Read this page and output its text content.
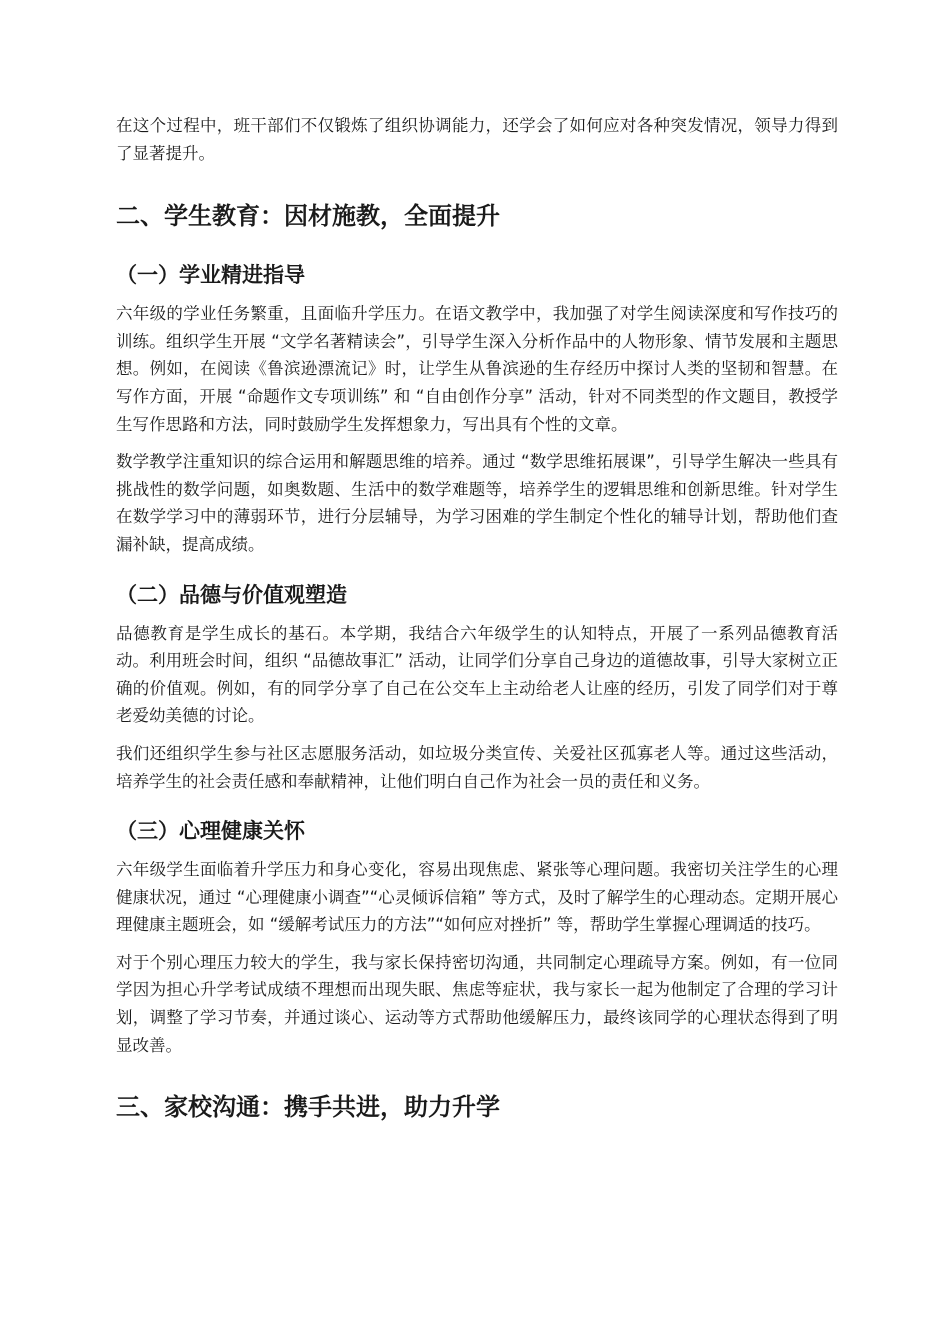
在这个过程中，班干部们不仅锻炼了组织协调能力，还学会了如何应对各种突发情况，领导力得到了显著提升。

二、学生教育：因材施教，全面提升
（一）学业精进指导

六年级的学业任务繁重，且面临升学压力。在语文教学中，我加强了对学生阅读深度和写作技巧的训练。组织学生开展 “文学名著精读会”，引导学生深入分析作品中的人物形象、情节发展和主题思想。例如，在阅读《鲁滨逊漂流记》时，让学生从鲁滨逊的生存经历中探讨人类的坚韧和智慧。在写作方面，开展 “命题作文专项训练” 和 “自由创作分享” 活动，针对不同类型的作文题目，教授学生写作思路和方法，同时鼓励学生发挥想象力，写出具有个性的文章。

数学教学注重知识的综合运用和解题思维的培养。通过 “数学思维拓展课”，引导学生解决一些具有挑战性的数学问题，如奥数题、生活中的数学难题等，培养学生的逻辑思维和创新思维。针对学生在数学学习中的薄弱环节，进行分层辅导，为学习困难的学生制定个性化的辅导计划，帮助他们查漏补缺，提高成绩。

（二）品德与价值观塑造

品德教育是学生成长的基石。本学期，我结合六年级学生的认知特点，开展了一系列品德教育活动。利用班会时间，组织 “品德故事汇” 活动，让同学们分享自己身边的道德故事，引导大家树立正确的价值观。例如，有的同学分享了自己在公交车上主动给老人让座的经历，引发了同学们对于尊老爱幼美德的讨论。

我们还组织学生参与社区志愿服务活动，如垃圾分类宣传、关爱社区孤寡老人等。通过这些活动，培养学生的社会责任感和奉献精神，让他们明白自己作为社会一员的责任和义务。

（三）心理健康关怀

六年级学生面临着升学压力和身心变化，容易出现焦虑、紧张等心理问题。我密切关注学生的心理健康状况，通过 “心理健康小调查”“心灵倾诉信箱” 等方式，及时了解学生的心理动态。定期开展心理健康主题班会，如 “缓解考试压力的方法”“如何应对挫折” 等，帮助学生掌握心理调适的技巧。

对于个别心理压力较大的学生，我与家长保持密切沟通，共同制定心理疏导方案。例如，有一位同学因为担心升学考试成绩不理想而出现失眠、焦虑等症状，我与家长一起为他制定了合理的学习计划，调整了学习节奏，并通过谈心、运动等方式帮助他缓解压力，最终该同学的心理状态得到了明显改善。

三、家校沟通：携手共进，助力升学
